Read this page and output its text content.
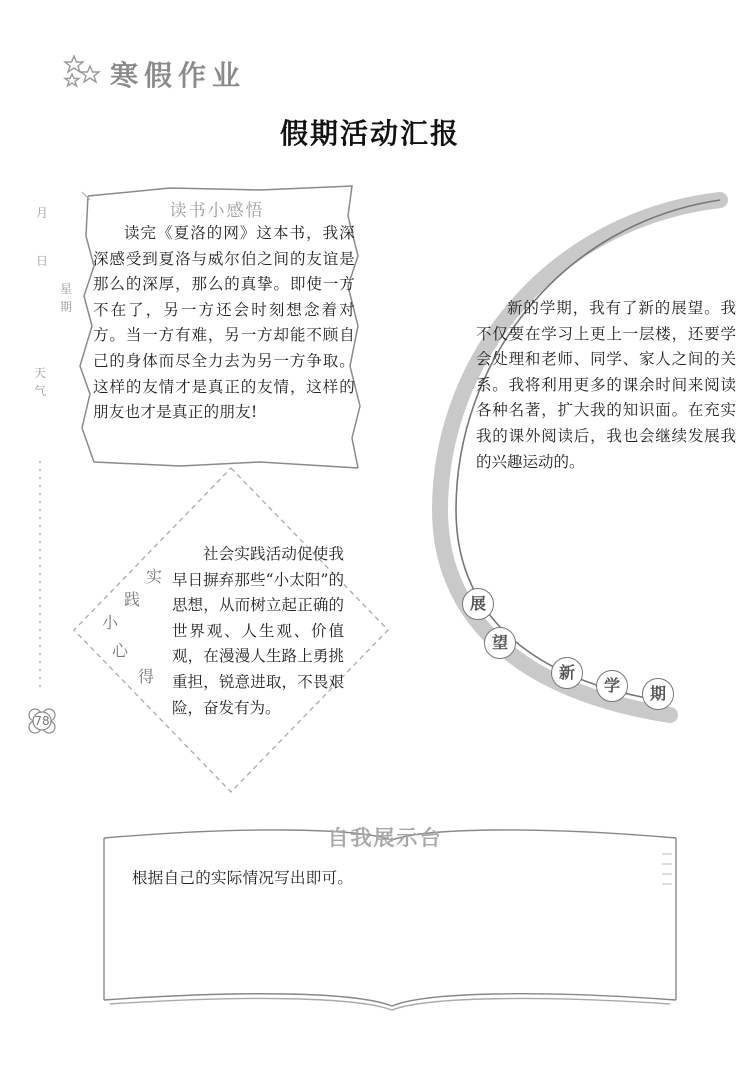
寒假作业
假期活动汇报
月
日
星期
天气
78
读书小感悟
读完《夏洛的网》这本书，我深深感受到夏洛与威尔伯之间的友谊是那么的深厚，那么的真挚。即使一方不在了，另一方还会时刻想念着对方。当一方有难，另一方却能不顾自己的身体而尽全力去为另一方争取。这样的友情才是真正的友情，这样的朋友也才是真正的朋友!
新的学期，我有了新的展望。我不仅要在学习上更上一层楼，还要学会处理和老师、同学、家人之间的关系。我将利用更多的课余时间来阅读各种名著，扩大我的知识面。在充实我的课外阅读后，我也会继续发展我的兴趣运动的。
展
望
新
学	期
实
践
小
心
得
社会实践活动促使我早日摒弃那些“小太阳”的思想，从而树立起正确的世界观、人生观、价值观，在漫漫人生路上勇挑重担，锐意进取，不畏艰险，奋发有为。
自我展示台
根据自己的实际情况写出即可。
